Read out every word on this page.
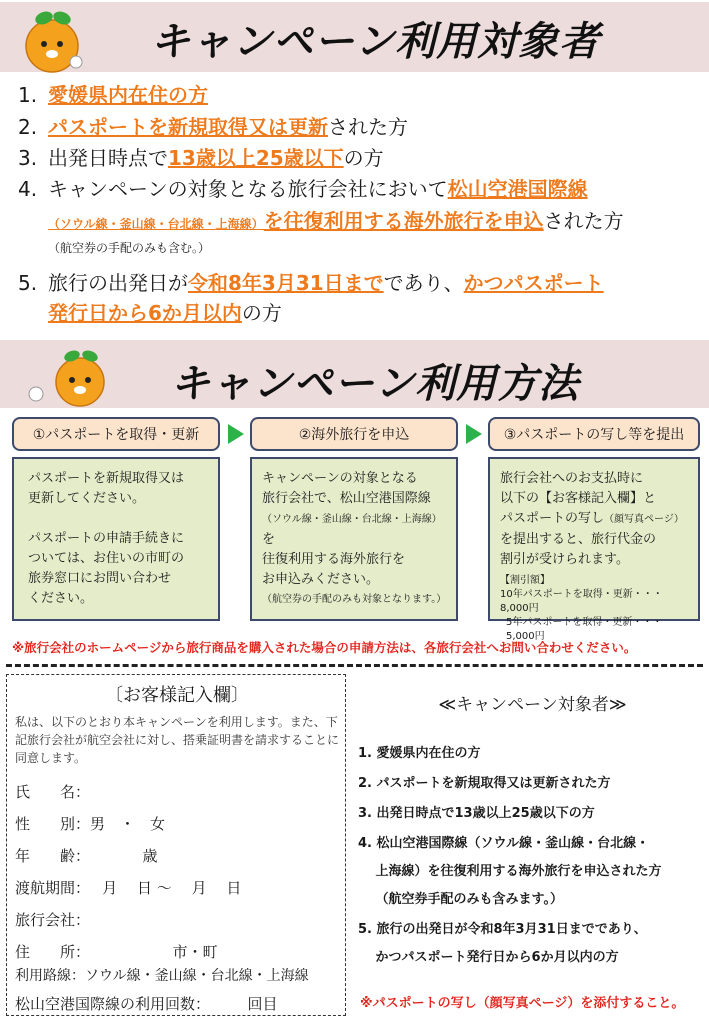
キャンペーン利用対象者
1. 愛媛県内在住の方
2. パスポートを新規取得又は更新された方
3. 出発日時点で13歳以上25歳以下の方
4. キャンペーンの対象となる旅行会社において松山空港国際線
（ソウル線・釜山線・台北線・上海線）を往復利用する海外旅行を申込された方
（航空券の手配のみも含む。）
5. 旅行の出発日が令和8年3月31日までであり、かつパスポート
発行日から6か月以内の方
キャンペーン利用方法
①パスポートを取得・更新	②海外旅行を申込	③パスポートの写し等を提出
パスポートを新規取得又は
更新してください。
パスポートの申請手続きに
ついては、お住いの市町の
旅券窓口にお問い合わせ
ください。
キャンペーンの対象となる
旅行会社で、松山空港国際線
（ソウル線・釜山線・台北線・上海線）を
往復利用する海外旅行を
お申込みください。
（航空券の手配のみも対象となります。）
旅行会社へのお支払時に
以下の【お客様記入欄】と
パスポートの写し（顔写真ページ）
を提出すると、旅行代金の
割引が受けられます。
【割引額】
10年パスポートを取得・更新・・・ 8,000円
5年パスポートを取得・更新・・・ 5,000円
※旅行会社のホームページから旅行商品を購入された場合の申請方法は、各旅行会社へお問い合わせください。
〔お客様記入欄〕
私は、以下のとおり本キャンペーンを利用します。また、下記旅行会社が航空会社に対し、搭乗証明書を請求することに同意します。
氏　　名：
性　　別：男　・　女
年　　齢：　　　　歳
渡航期間：　 月　 日 〜　 月　 日
旅行会社：
住　　所：　　　　　　市・町
利用路線：ソウル線・釜山線・台北線・上海線
松山空港国際線の利用回数：　　　回目
≪キャンペーン対象者≫
1. 愛媛県内在住の方
2. パスポートを新規取得又は更新された方
3. 出発日時点で13歳以上25歳以下の方
4. 松山空港国際線（ソウル線・釜山線・台北線・
　 上海線）を往復利用する海外旅行を申込された方
　 （航空券手配のみも含みます。）
5. 旅行の出発日が令和8年3月31日までであり、
　 かつパスポート発行日から6か月以内の方
※パスポートの写し（顔写真ページ）を添付すること。
